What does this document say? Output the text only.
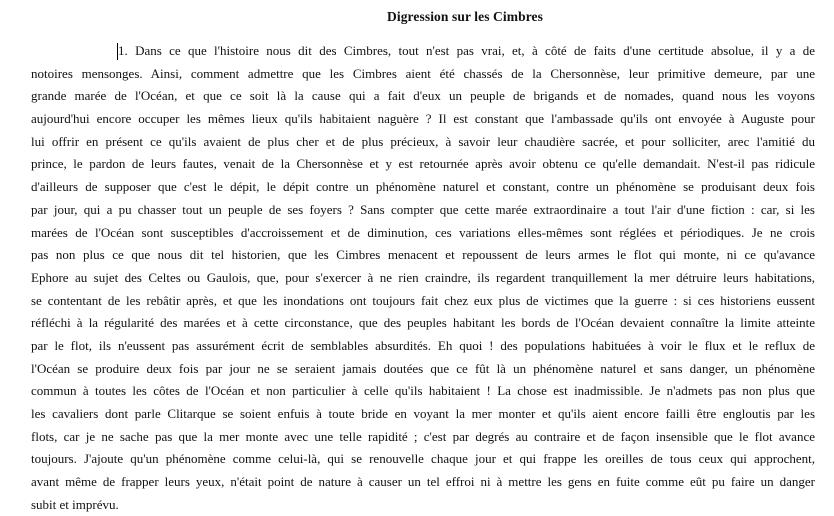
Digression sur les Cimbres
1. Dans ce que l'histoire nous dit des Cimbres, tout n'est pas vrai, et, à côté de faits d'une certitude absolue, il y a de
notoires mensonges. Ainsi, comment admettre que les Cimbres aient été chassés de la Chersonnèse, leur primitive demeure, par une
grande marée de l'Océan, et que ce soit là la cause qui a fait d'eux un peuple de brigands et de nomades, quand nous les voyons
aujourd'hui encore occuper les mêmes lieux qu'ils habitaient naguère ? Il est constant que l'ambassade qu'ils ont envoyée à Auguste pour
lui offrir en présent ce qu'ils avaient de plus cher et de plus précieux, à savoir leur chaudière sacrée, et pour solliciter, arec l'amitié du
prince, le pardon de leurs fautes, venait de la Chersonnèse et y est retournée après avoir obtenu ce qu'elle demandait. N'est-il pas ridicule
d'ailleurs de supposer que c'est le dépit, le dépit contre un phénomène naturel et constant, contre un phénomène se produisant deux fois
par jour, qui a pu chasser tout un peuple de ses foyers ? Sans compter que cette marée extraordinaire a tout l'air d'une fiction : car, si les
marées de l'Océan sont susceptibles d'accroissement et de diminution, ces variations elles-mêmes sont réglées et périodiques. Je ne crois
pas non plus ce que nous dit tel historien, que les Cimbres menacent et repoussent de leurs armes le flot qui monte, ni ce qu'avance
Ephore au sujet des Celtes ou Gaulois, que, pour s'exercer à ne rien craindre, ils regardent tranquillement la mer détruire leurs habitations,
se contentant de les rebâtir après, et que les inondations ont toujours fait chez eux plus de victimes que la guerre : si ces historiens eussent
réfléchi à la régularité des marées et à cette circonstance, que des peuples habitant les bords de l'Océan devaient connaître la limite atteinte
par le flot, ils n'eussent pas assurément écrit de semblables absurdités. Eh quoi ! des populations habituées à voir le flux et le reflux de
l'Océan se produire deux fois par jour ne se seraient jamais doutées que ce fût là un phénomène naturel et sans danger, un phénomène
commun à toutes les côtes de l'Océan et non particulier à celle qu'ils habitaient ! La chose est inadmissible. Je n'admets pas non plus que
les cavaliers dont parle Clitarque se soient enfuis à toute bride en voyant la mer monter et qu'ils aient encore failli être engloutis par les
flots, car je ne sache pas que la mer monte avec une telle rapidité ; c'est par degrés au contraire et de façon insensible que le flot avance
toujours. J'ajoute qu'un phénomène comme celui-là, qui se renouvelle chaque jour et qui frappe les oreilles de tous ceux qui approchent,
avant même de frapper leurs yeux, n'était point de nature à causer un tel effroi ni à mettre les gens en fuite comme eût pu faire un danger
subit et imprévu.
